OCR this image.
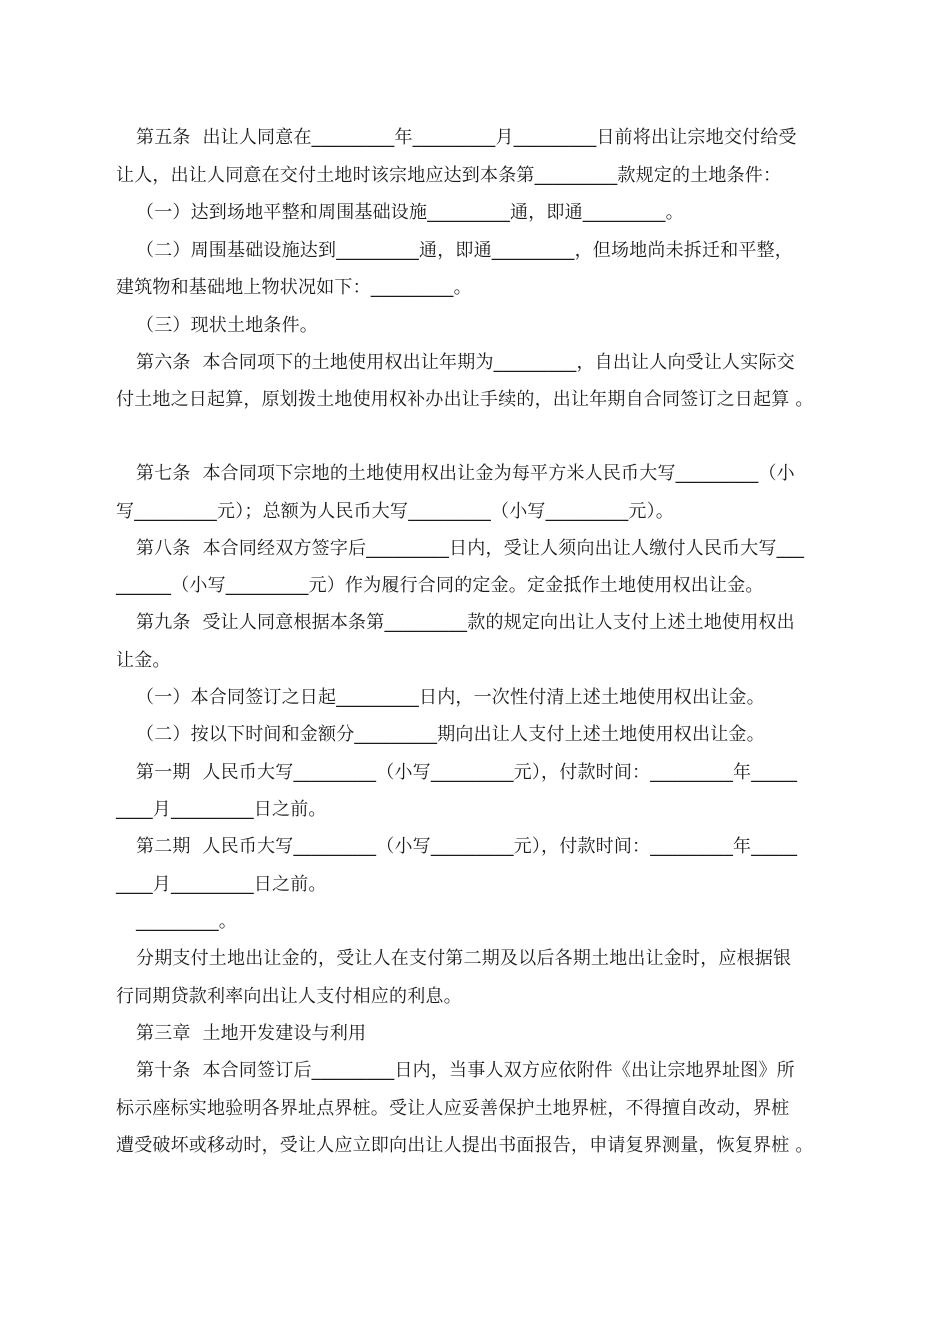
第五条  出让人同意在_________年_________月_________日前将出让宗地交付给受
让人，出让人同意在交付土地时该宗地应达到本条第_________款规定的土地条件：
（一）达到场地平整和周围基础设施_________通，即通_________。
（二）周围基础设施达到_________通，即通_________，但场地尚未拆迁和平整，
建筑物和基础地上物状况如下：_________。
（三）现状土地条件。
第六条  本合同项下的土地使用权出让年期为_________，自出让人向受让人实际交
付土地之日起算，原划拨土地使用权补办出让手续的，出让年期自合同签订之日起算 。
第七条  本合同项下宗地的土地使用权出让金为每平方米人民币大写_________（小
写_________元）；总额为人民币大写_________（小写_________元）。
第八条  本合同经双方签字后_________日内，受让人须向出让人缴付人民币大写___
______（小写_________元）作为履行合同的定金。定金抵作土地使用权出让金。
第九条  受让人同意根据本条第_________款的规定向出让人支付上述土地使用权出
让金。
（一）本合同签订之日起_________日内，一次性付清上述土地使用权出让金。
（二）按以下时间和金额分_________期向出让人支付上述土地使用权出让金。
第一期  人民币大写_________（小写_________元），付款时间：_________年_____
____月_________日之前。
第二期  人民币大写_________（小写_________元），付款时间：_________年_____
____月_________日之前。
_________。
分期支付土地出让金的，受让人在支付第二期及以后各期土地出让金时，应根据银
行同期贷款利率向出让人支付相应的利息。
第三章  土地开发建设与利用
第十条  本合同签订后_________日内，当事人双方应依附件《出让宗地界址图》所
标示座标实地验明各界址点界桩。受让人应妥善保护土地界桩，不得擅自改动，界桩
遭受破坏或移动时，受让人应立即向出让人提出书面报告，申请复界测量，恢复界桩 。
